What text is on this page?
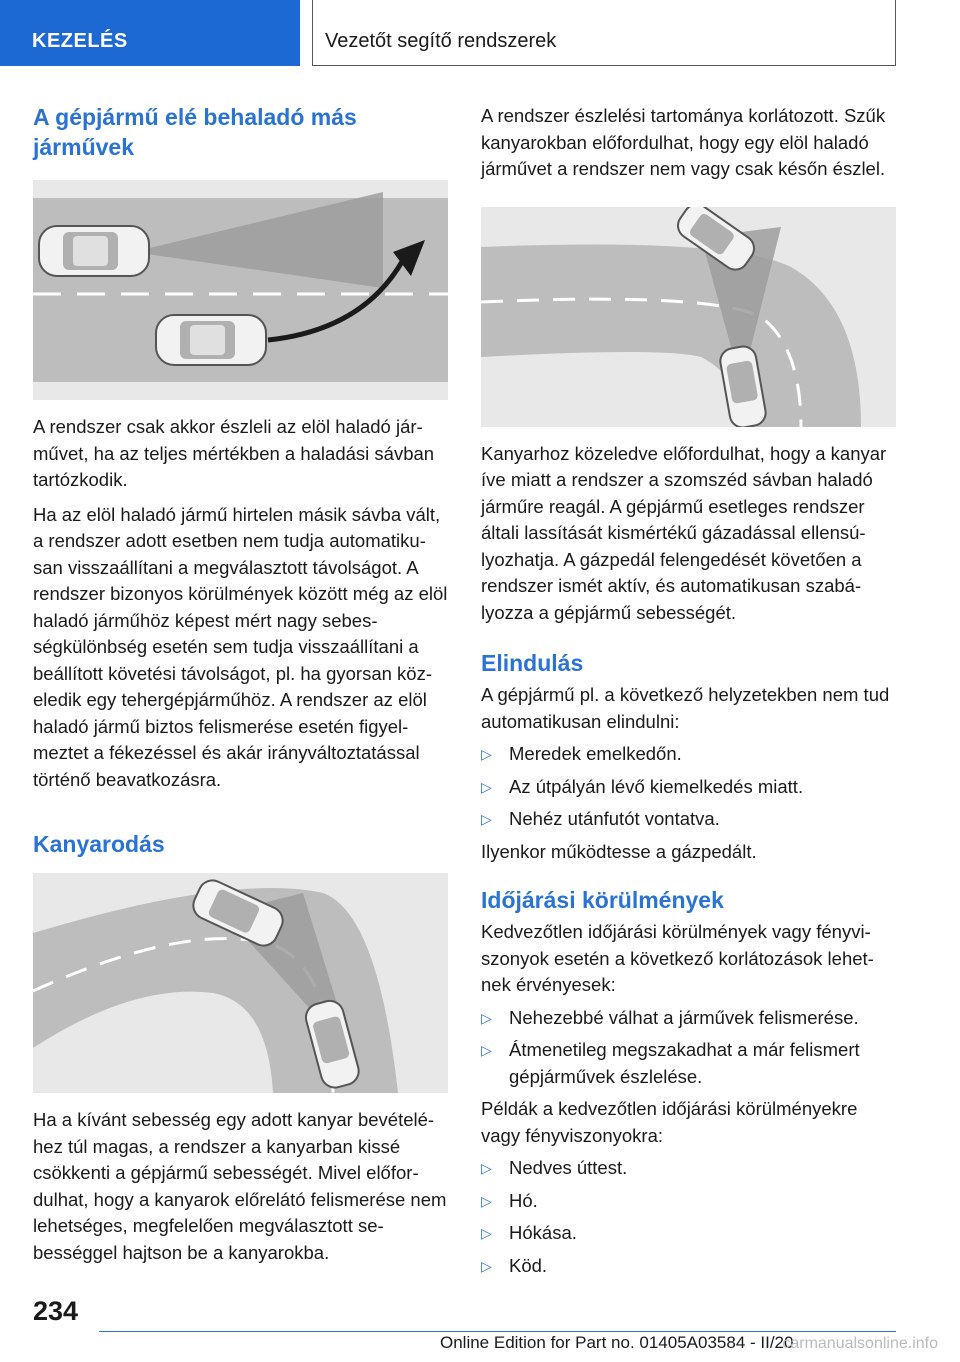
KEZELÉS	Vezetőt segítő rendszerek
A gépjármű elé behaladó más járművek

A rendszer csak akkor észleli az elöl haladó járművet, ha az teljes mértékben a haladási sávban tartózkodik.

Ha az elöl haladó jármű hirtelen másik sávba vált, a rendszer adott esetben nem tudja automatikusan visszaállítani a megválasztott távolságot. A rendszer bizonyos körülmények között még az elöl haladó járműhöz képest mért nagy sebességkülönbség esetén sem tudja visszaállítani a beállított követési távolságot, pl. ha gyorsan közeledik egy tehergépjárműhöz. A rendszer az elöl haladó jármű biztos felismerése esetén figyelmeztet a fékezéssel és akár irányváltoztatással történő beavatkozásra.

Kanyarodás

Ha a kívánt sebesség egy adott kanyar bevételéhez túl magas, a rendszer a kanyarban kissé csökkenti a gépjármű sebességét. Mivel előfordulhat, hogy a kanyarok előrelátó felismerése nem lehetséges, megfelelően megválasztott sebességgel hajtson be a kanyarokba.

A rendszer észlelési tartománya korlátozott. Szűk kanyarokban előfordulhat, hogy egy elöl haladó járművet a rendszer nem vagy csak későn észlel.

Kanyarhoz közeledve előfordulhat, hogy a kanyar íve miatt a rendszer a szomszéd sávban haladó járműre reagál. A gépjármű esetleges rendszer általi lassítását kismértékű gázadással ellensúlyozhatja. A gázpedál felengedését követően a rendszer ismét aktív, és automatikusan szabályozza a gépjármű sebességét.

Elindulás

A gépjármű pl. a következő helyzetekben nem tud automatikusan elindulni:

▷ Meredek emelkedőn.
▷ Az útpályán lévő kiemelkedés miatt.
▷ Nehéz utánfutót vontatva.

Ilyenkor működtesse a gázpedált.

Időjárási körülmények

Kedvezőtlen időjárási körülmények vagy fényviszonyok esetén a következő korlátozások lehetnek érvényesek:

▷ Nehezebbé válhat a járművek felismerése.
▷ Átmenetileg megszakadhat a már felismert gépjárművek észlelése.

Példák a kedvezőtlen időjárási körülményekre vagy fényviszonyokra:

▷ Nedves úttest.
▷ Hó.
▷ Hókása.
▷ Köd.
234
Online Edition for Part no. 01405A03584 - II/20
carmanualsonline.info
